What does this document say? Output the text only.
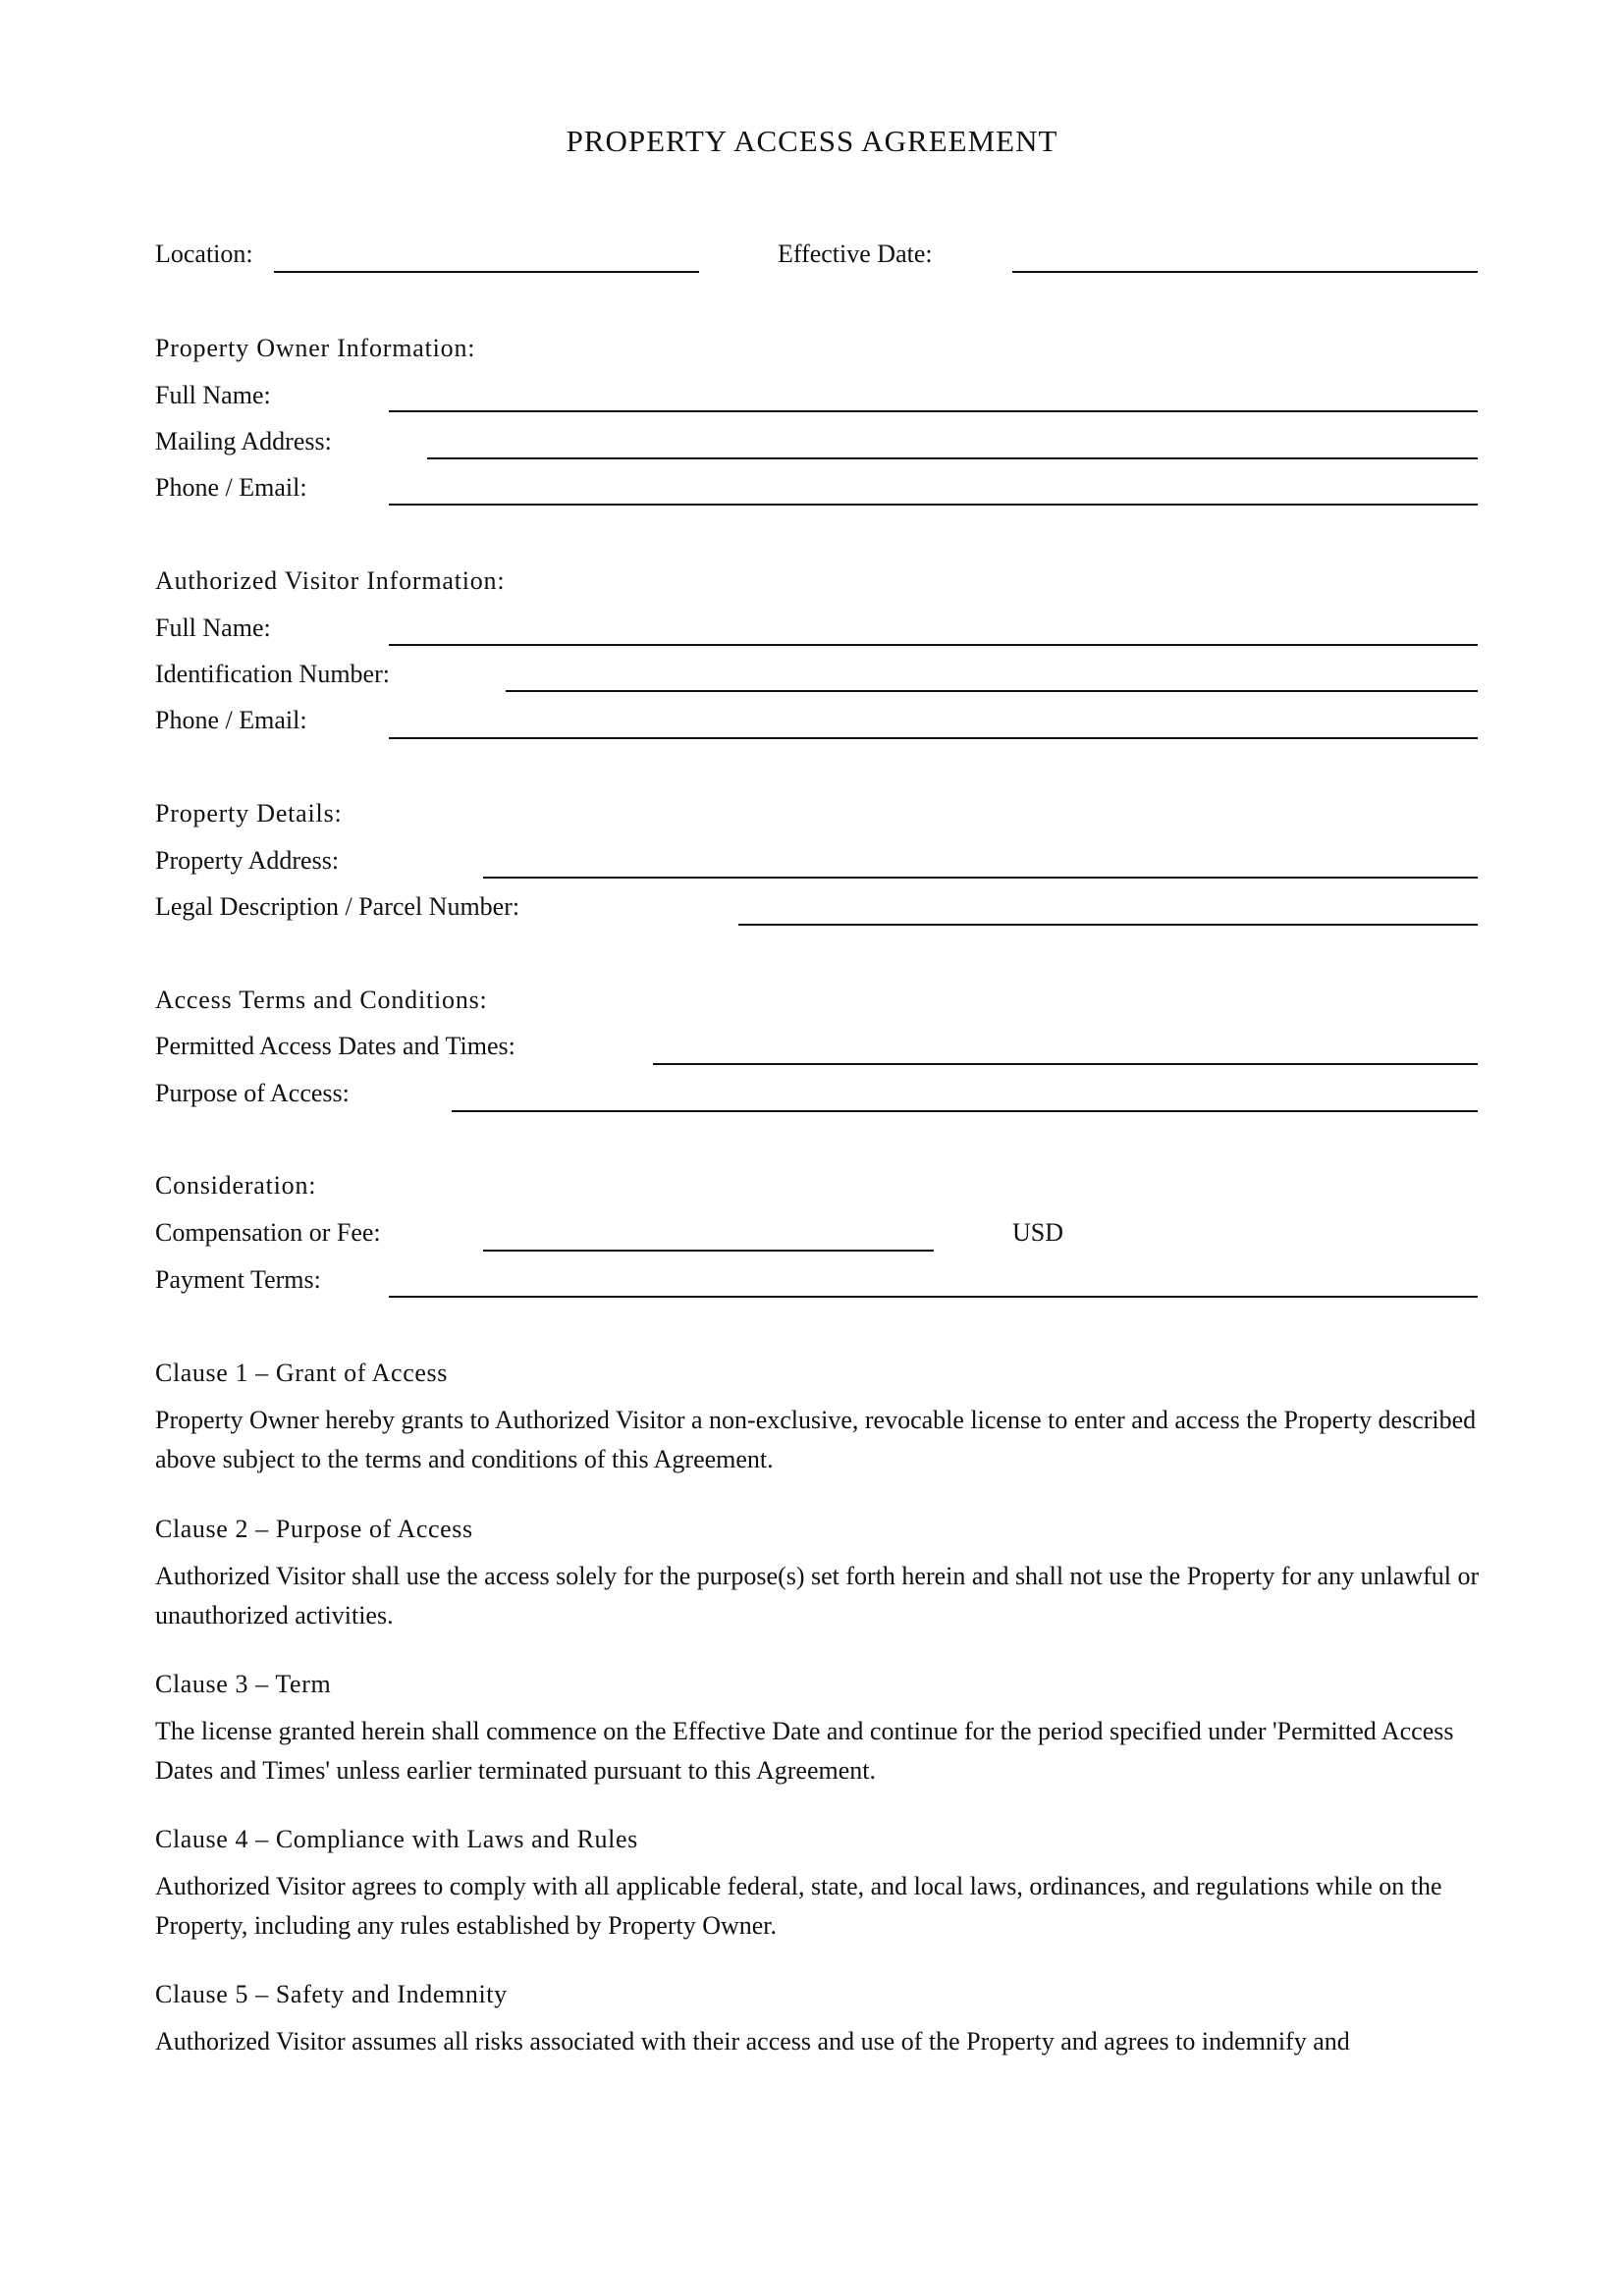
PROPERTY ACCESS AGREEMENT
Location:	Effective Date:
Property Owner Information:
Full Name:
Mailing Address:
Phone / Email:
Authorized Visitor Information:
Full Name:
Identification Number:
Phone / Email:
Property Details:
Property Address:
Legal Description / Parcel Number:
Access Terms and Conditions:
Permitted Access Dates and Times:
Purpose of Access:
Consideration:
Compensation or Fee:	USD
Payment Terms:
Clause 1 – Grant of Access
Property Owner hereby grants to Authorized Visitor a non-exclusive, revocable license to enter and access the Property described above subject to the terms and conditions of this Agreement.
Clause 2 – Purpose of Access
Authorized Visitor shall use the access solely for the purpose(s) set forth herein and shall not use the Property for any unlawful or unauthorized activities.
Clause 3 – Term
The license granted herein shall commence on the Effective Date and continue for the period specified under 'Permitted Access Dates and Times' unless earlier terminated pursuant to this Agreement.
Clause 4 – Compliance with Laws and Rules
Authorized Visitor agrees to comply with all applicable federal, state, and local laws, ordinances, and regulations while on the Property, including any rules established by Property Owner.
Clause 5 – Safety and Indemnity
Authorized Visitor assumes all risks associated with their access and use of the Property and agrees to indemnify and
